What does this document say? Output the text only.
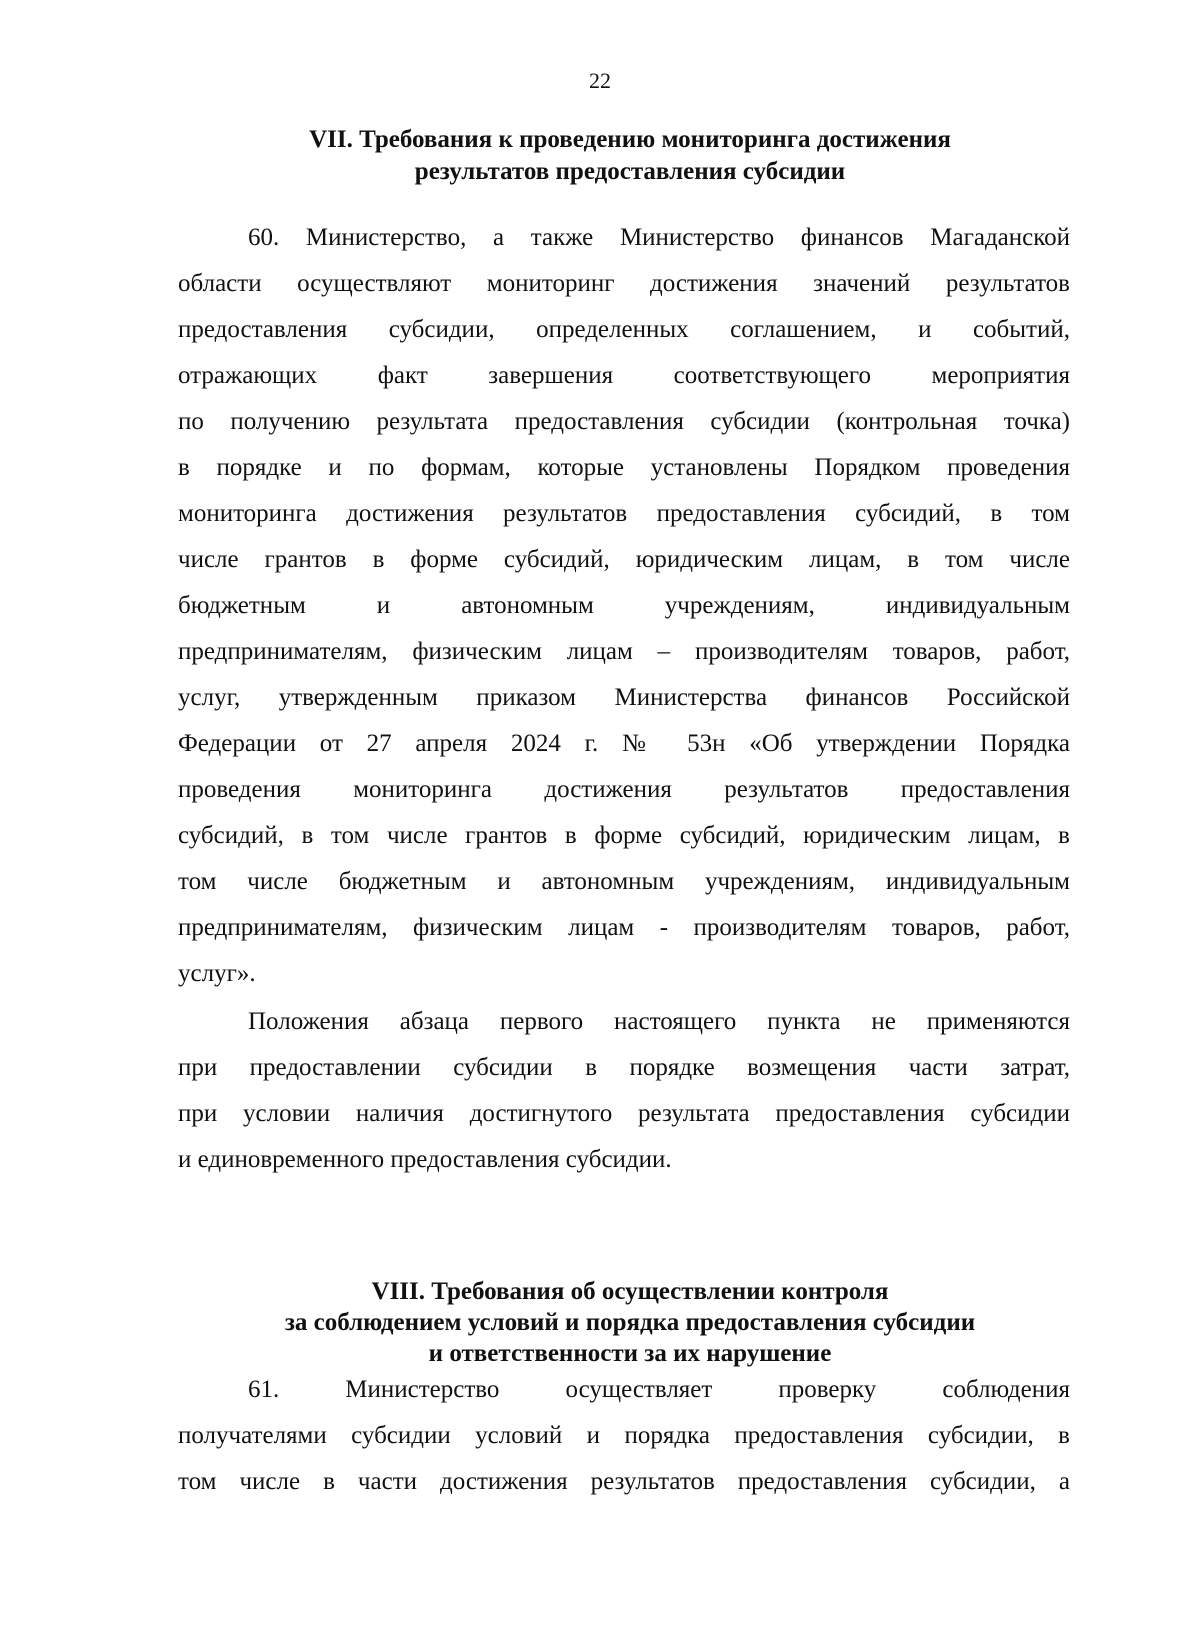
22
VII. Требования к проведению мониторинга достижения
результатов предоставления субсидии
60. Министерство, а также Министерство финансов Магаданской
области осуществляют мониторинг достижения значений результатов
предоставления субсидии, определенных соглашением, и событий,
отражающих факт завершения соответствующего мероприятия
по получению результата предоставления субсидии (контрольная точка)
в порядке и по формам, которые установлены Порядком проведения
мониторинга достижения результатов предоставления субсидий, в том
числе грантов в форме субсидий, юридическим лицам, в том числе
бюджетным и автономным учреждениям, индивидуальным
предпринимателям, физическим лицам – производителям товаров, работ,
услуг, утвержденным приказом Министерства финансов Российской
Федерации от 27 апреля 2024 г. № 53н «Об утверждении Порядка
проведения мониторинга достижения результатов предоставления
субсидий, в том числе грантов в форме субсидий, юридическим лицам, в
том числе бюджетным и автономным учреждениям, индивидуальным
предпринимателям, физическим лицам - производителям товаров, работ,
услуг».
Положения абзаца первого настоящего пункта не применяются
при предоставлении субсидии в порядке возмещения части затрат,
при условии наличия достигнутого результата предоставления субсидии
и единовременного предоставления субсидии.
VIII. Требования об осуществлении контроля
за соблюдением условий и порядка предоставления субсидии
и ответственности за их нарушение
61. Министерство осуществляет проверку соблюдения
получателями субсидии условий и порядка предоставления субсидии, в
том числе в части достижения результатов предоставления субсидии, а
